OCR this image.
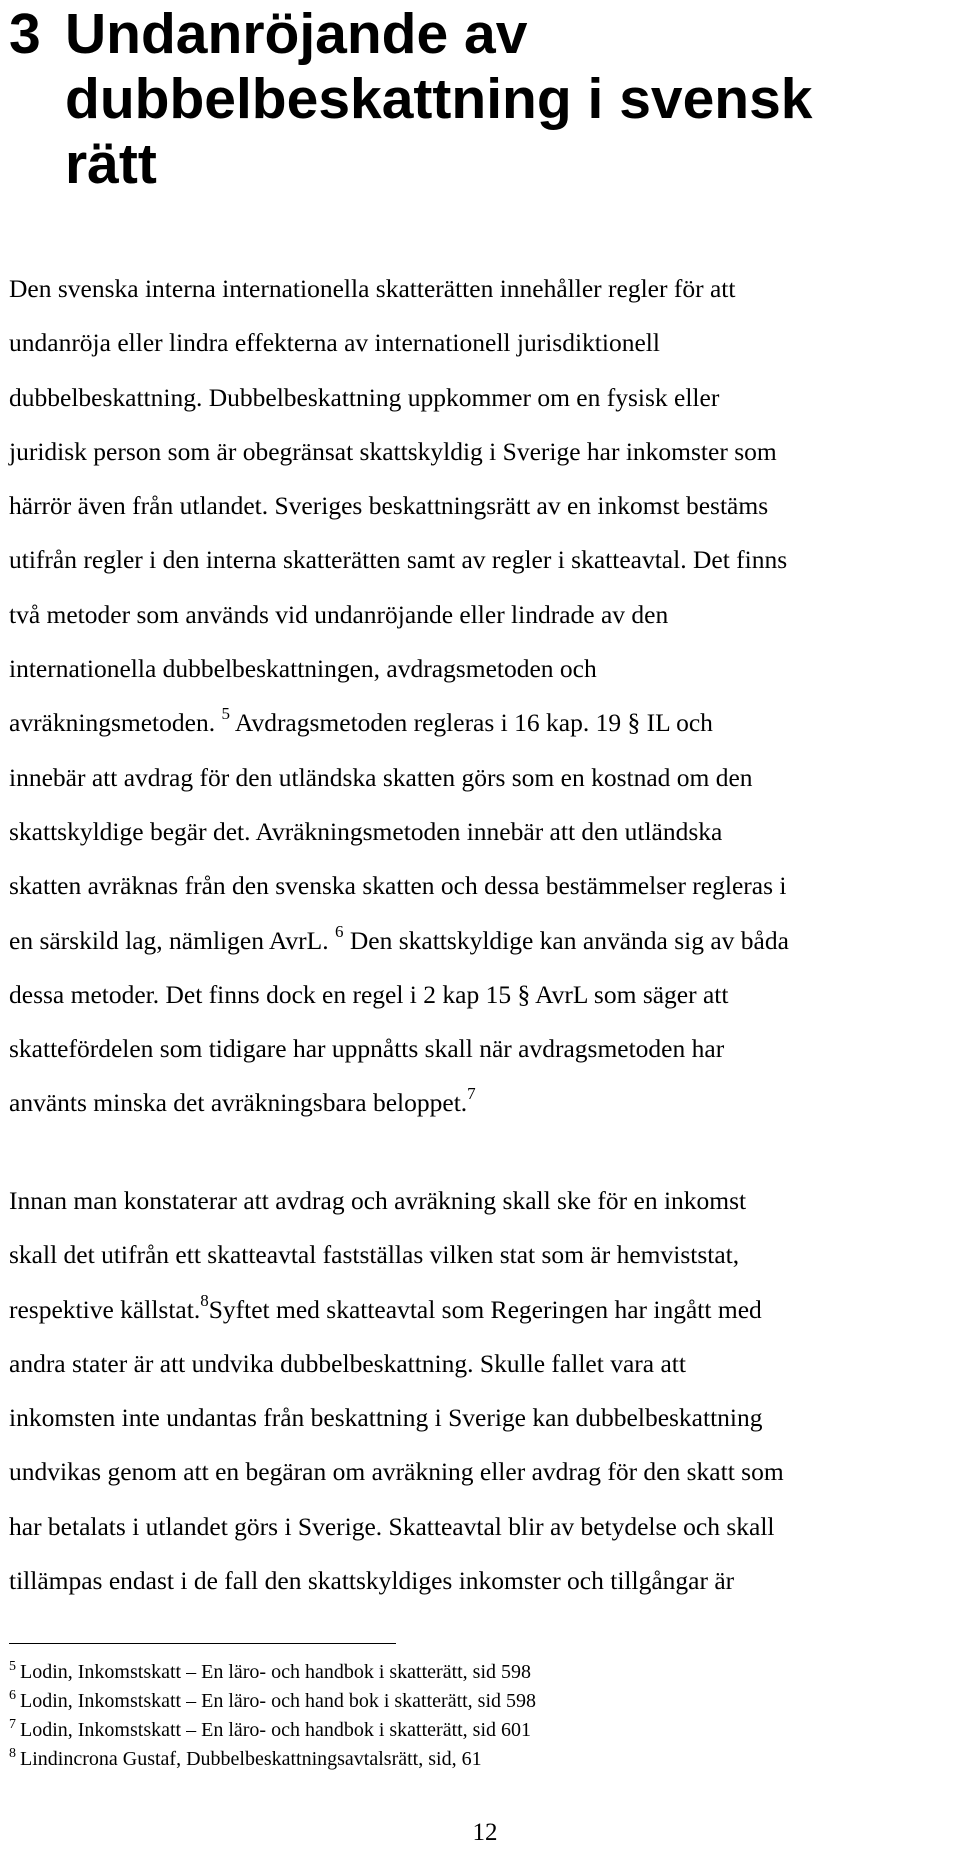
3 Undanröjande av
dubbelbeskattning i svensk
rätt
Den svenska interna internationella skatterätten innehåller regler för att
undanröja eller lindra effekterna av internationell jurisdiktionell
dubbelbeskattning. Dubbelbeskattning uppkommer om en fysisk eller
juridisk person som är obegränsat skattskyldig i Sverige har inkomster som
härrör även från utlandet. Sveriges beskattningsrätt av en inkomst bestäms
utifrån regler i den interna skatterätten samt av regler i skatteavtal. Det finns
två metoder som används vid undanröjande eller lindrade av den
internationella dubbelbeskattningen, avdragsmetoden och
avräkningsmetoden. $^5$ Avdragsmetoden regleras i 16 kap. 19 § IL och
innebär att avdrag för den utländska skatten görs som en kostnad om den
skattskyldige begär det. Avräkningsmetoden innebär att den utländska
skatten avräknas från den svenska skatten och dessa bestämmelser regleras i
en särskild lag, nämligen AvrL. $^6$ Den skattskyldige kan använda sig av båda
dessa metoder. Det finns dock en regel i 2 kap 15 § AvrL som säger att
skattefördelen som tidigare har uppnåtts skall när avdragsmetoden har
använts minska det avräkningsbara beloppet.$^7$
Innan man konstaterar att avdrag och avräkning skall ske för en inkomst
skall det utifrån ett skatteavtal fastställas vilken stat som är hemviststat,
respektive källstat.$^8$Syftet med skatteavtal som Regeringen har ingått med
andra stater är att undvika dubbelbeskattning. Skulle fallet vara att
inkomsten inte undantas från beskattning i Sverige kan dubbelbeskattning
undvikas genom att en begäran om avräkning eller avdrag för den skatt som
har betalats i utlandet görs i Sverige. Skatteavtal blir av betydelse och skall
tillämpas endast i de fall den skattskyldiges inkomster och tillgångar är
$^5$ Lodin, Inkomstskatt – En läro- och handbok i skatterätt, sid 598
$^6$ Lodin, Inkomstskatt – En läro- och hand bok i skatterätt, sid 598
$^7$ Lodin, Inkomstskatt – En läro- och handbok i skatterätt, sid 601
$^8$ Lindincrona Gustaf, Dubbelbeskattningsavtalsrätt, sid, 61
12
